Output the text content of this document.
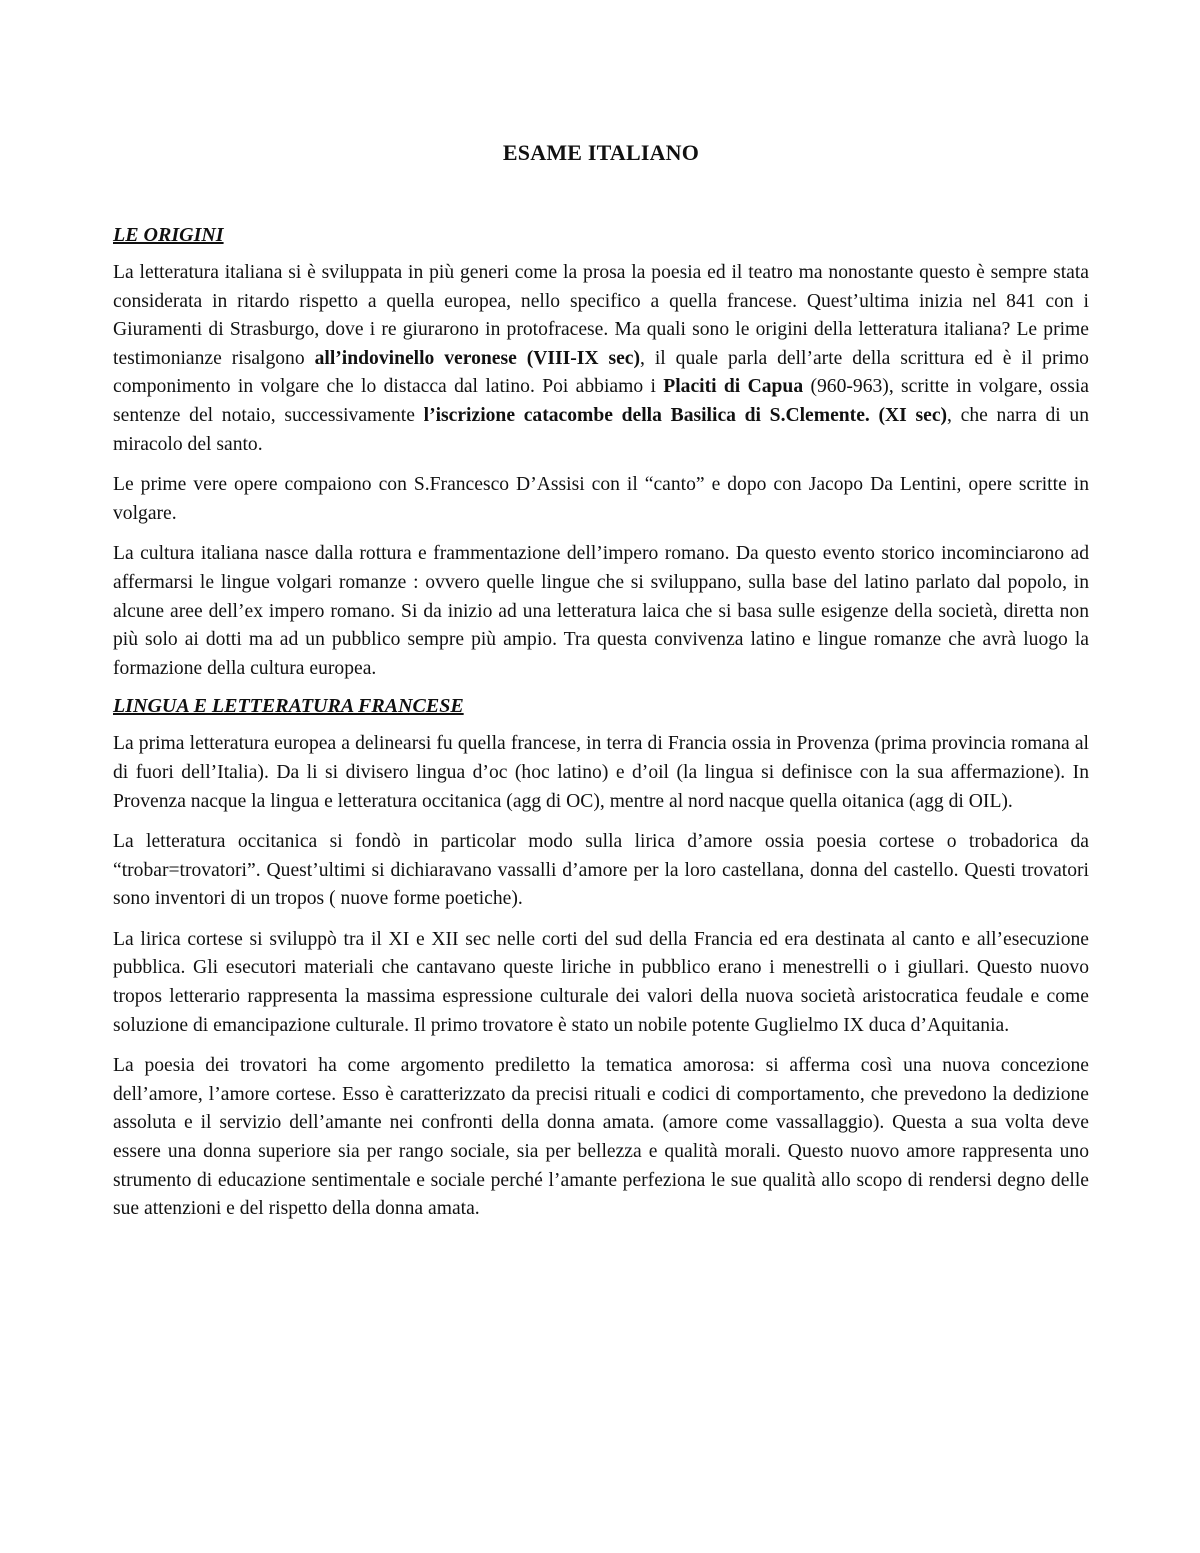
ESAME ITALIANO
LE ORIGINI

La letteratura italiana si è sviluppata in più generi come la prosa la poesia ed il teatro ma nonostante questo è sempre stata considerata in ritardo rispetto a quella europea, nello specifico a quella francese. Quest’ultima inizia nel 841 con i Giuramenti di Strasburgo, dove i re giurarono in protofracese. Ma quali sono le origini della letteratura italiana? Le prime testimonianze risalgono all’indovinello veronese (VIII-IX sec), il quale parla dell’arte della scrittura ed è il primo componimento in volgare che lo distacca dal latino. Poi abbiamo i Placiti di Capua (960-963), scritte in volgare, ossia sentenze del notaio, successivamente l’iscrizione catacombe della Basilica di S.Clemente. (XI sec), che narra di un miracolo del santo.

Le prime vere opere compaiono con S.Francesco D’Assisi con il “canto” e dopo con Jacopo Da Lentini, opere scritte in volgare.

La cultura italiana nasce dalla rottura e frammentazione dell’impero romano. Da questo evento storico incominciarono ad affermarsi le lingue volgari romanze : ovvero quelle lingue che si sviluppano, sulla base del latino parlato dal popolo, in alcune aree dell’ex impero romano. Si da inizio ad una letteratura laica che si basa sulle esigenze della società, diretta non più solo ai dotti ma ad un pubblico sempre più ampio. Tra questa convivenza latino e lingue romanze che avrà luogo la formazione della cultura europea.

LINGUA E LETTERATURA FRANCESE

La prima letteratura europea a delinearsi fu quella francese, in terra di Francia ossia in Provenza (prima provincia romana al di fuori dell’Italia). Da li si divisero lingua d’oc (hoc latino) e d’oil (la lingua si definisce con la sua affermazione). In Provenza nacque la lingua e letteratura occitanica (agg di OC), mentre al nord nacque quella oitanica (agg di OIL).

La letteratura occitanica si fondò in particolar modo sulla lirica d’amore ossia poesia cortese o trobadorica da “trobar=trovatori”. Quest’ultimi si dichiaravano vassalli d’amore per la loro castellana, donna del castello. Questi trovatori sono inventori di un tropos ( nuove forme poetiche).

La lirica cortese si sviluppò tra il XI e XII sec nelle corti del sud della Francia ed era destinata al canto e all’esecuzione pubblica. Gli esecutori materiali che cantavano queste liriche in pubblico erano i menestrelli o i giullari. Questo nuovo tropos letterario rappresenta la massima espressione culturale dei valori della nuova società aristocratica feudale e come soluzione di emancipazione culturale. Il primo trovatore è stato un nobile potente Guglielmo IX duca d’Aquitania.

La poesia dei trovatori ha come argomento prediletto la tematica amorosa: si afferma così una nuova concezione dell’amore, l’amore cortese. Esso è caratterizzato da precisi rituali e codici di comportamento, che prevedono la dedizione assoluta e il servizio dell’amante nei confronti della donna amata. (amore come vassallaggio). Questa a sua volta deve essere una donna superiore sia per rango sociale, sia per bellezza e qualità morali. Questo nuovo amore rappresenta uno strumento di educazione sentimentale e sociale perché l’amante perfeziona le sue qualità allo scopo di rendersi degno delle sue attenzioni e del rispetto della donna amata.
